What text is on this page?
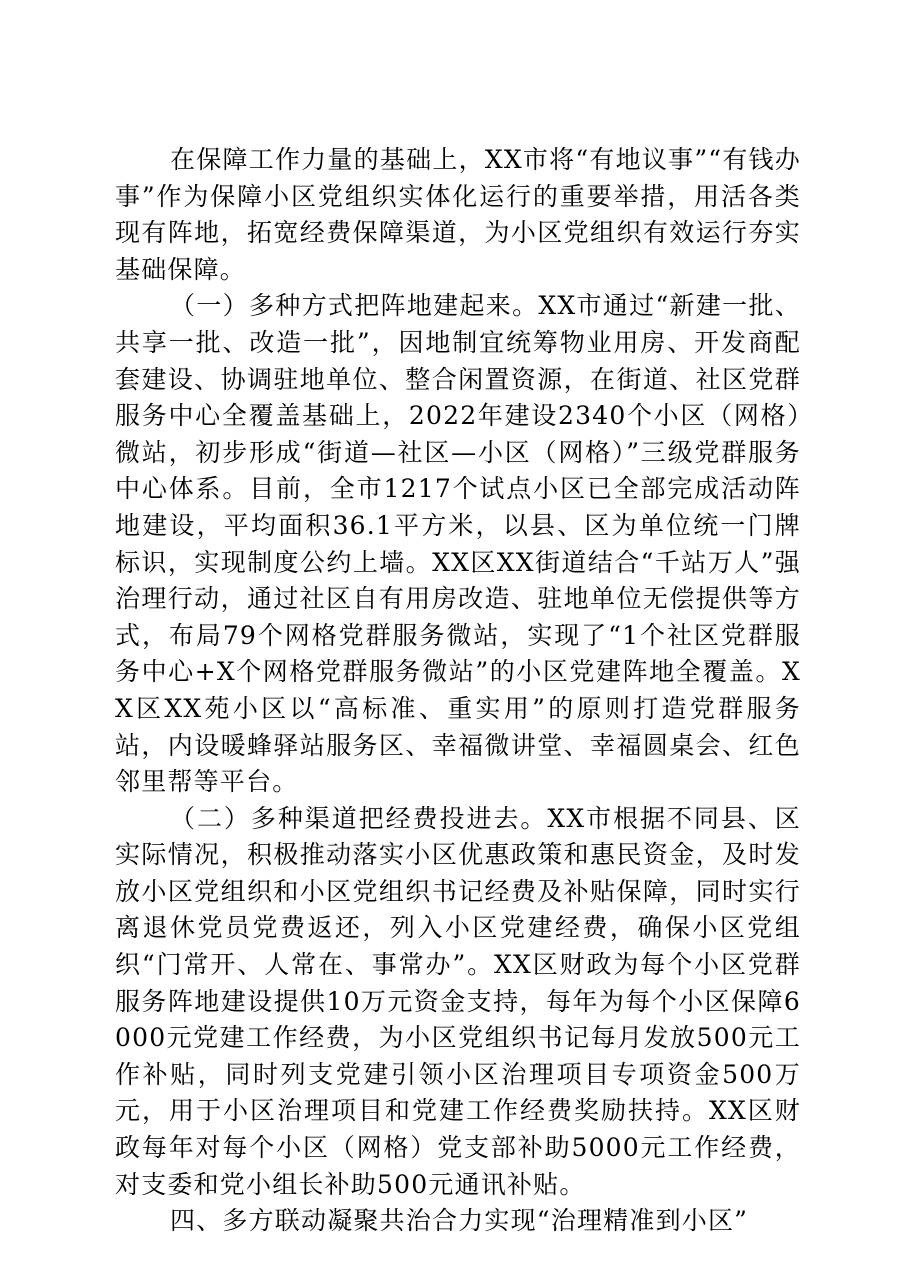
在保障工作力量的基础上，XX市将“有地议事”“有钱办事”作为保障小区党组织实体化运行的重要举措，用活各类现有阵地，拓宽经费保障渠道，为小区党组织有效运行夯实基础保障。

（一）多种方式把阵地建起来。XX市通过“新建一批、共享一批、改造一批”，因地制宜统筹物业用房、开发商配套建设、协调驻地单位、整合闲置资源，在街道、社区党群服务中心全覆盖基础上，2022年建设2340个小区（网格）微站，初步形成“街道—社区—小区（网格）”三级党群服务中心体系。目前，全市1217个试点小区已全部完成活动阵地建设，平均面积36.1平方米，以县、区为单位统一门牌标识，实现制度公约上墙。XX区XX街道结合“千站万人”强治理行动，通过社区自有用房改造、驻地单位无偿提供等方式，布局79个网格党群服务微站，实现了“1个社区党群服务中心+X个网格党群服务微站”的小区党建阵地全覆盖。XX区XX苑小区以“高标准、重实用”的原则打造党群服务站，内设暖蜂驿站服务区、幸福微讲堂、幸福圆桌会、红色邻里帮等平台。

（二）多种渠道把经费投进去。XX市根据不同县、区实际情况，积极推动落实小区优惠政策和惠民资金，及时发放小区党组织和小区党组织书记经费及补贴保障，同时实行离退休党员党费返还，列入小区党建经费，确保小区党组织“门常开、人常在、事常办”。XX区财政为每个小区党群服务阵地建设提供10万元资金支持，每年为每个小区保障6000元党建工作经费，为小区党组织书记每月发放500元工作补贴，同时列支党建引领小区治理项目专项资金500万元，用于小区治理项目和党建工作经费奖励扶持。XX区财政每年对每个小区（网格）党支部补助5000元工作经费，对支委和党小组长补助500元通讯补贴。

四、多方联动凝聚共治合力实现“治理精准到小区”
